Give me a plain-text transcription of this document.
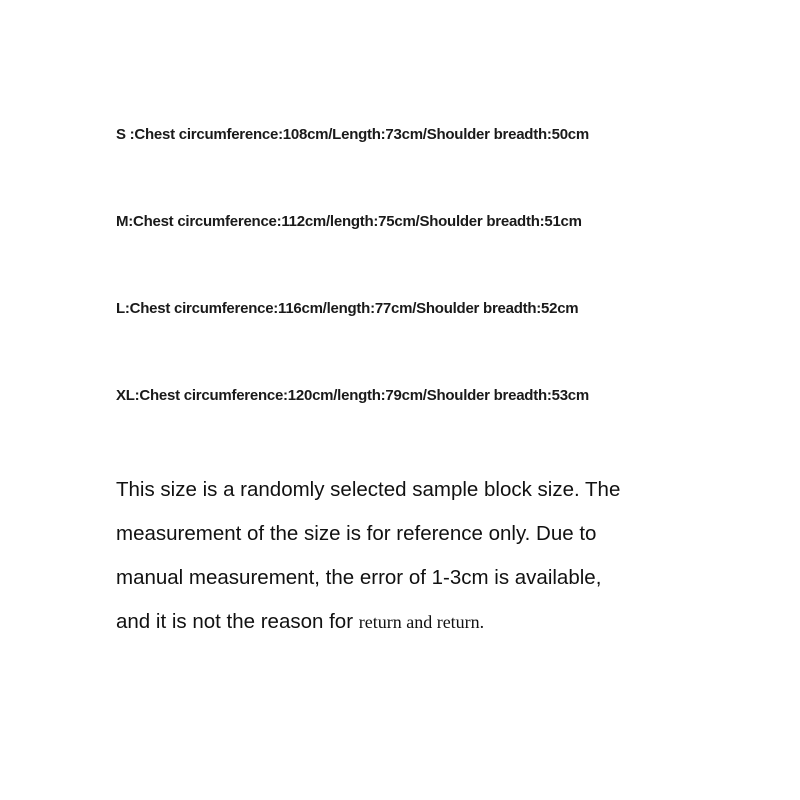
S :Chest circumference:108cm/Length:73cm/Shoulder breadth:50cm
M:Chest circumference:112cm/length:75cm/Shoulder breadth:51cm
L:Chest circumference:116cm/length:77cm/Shoulder breadth:52cm
XL:Chest circumference:120cm/length:79cm/Shoulder breadth:53cm
This size is a randomly selected sample block size. The
measurement of the size is for reference only. Due to
manual measurement, the error of 1-3cm is available,
and it is not the reason for return and return.
